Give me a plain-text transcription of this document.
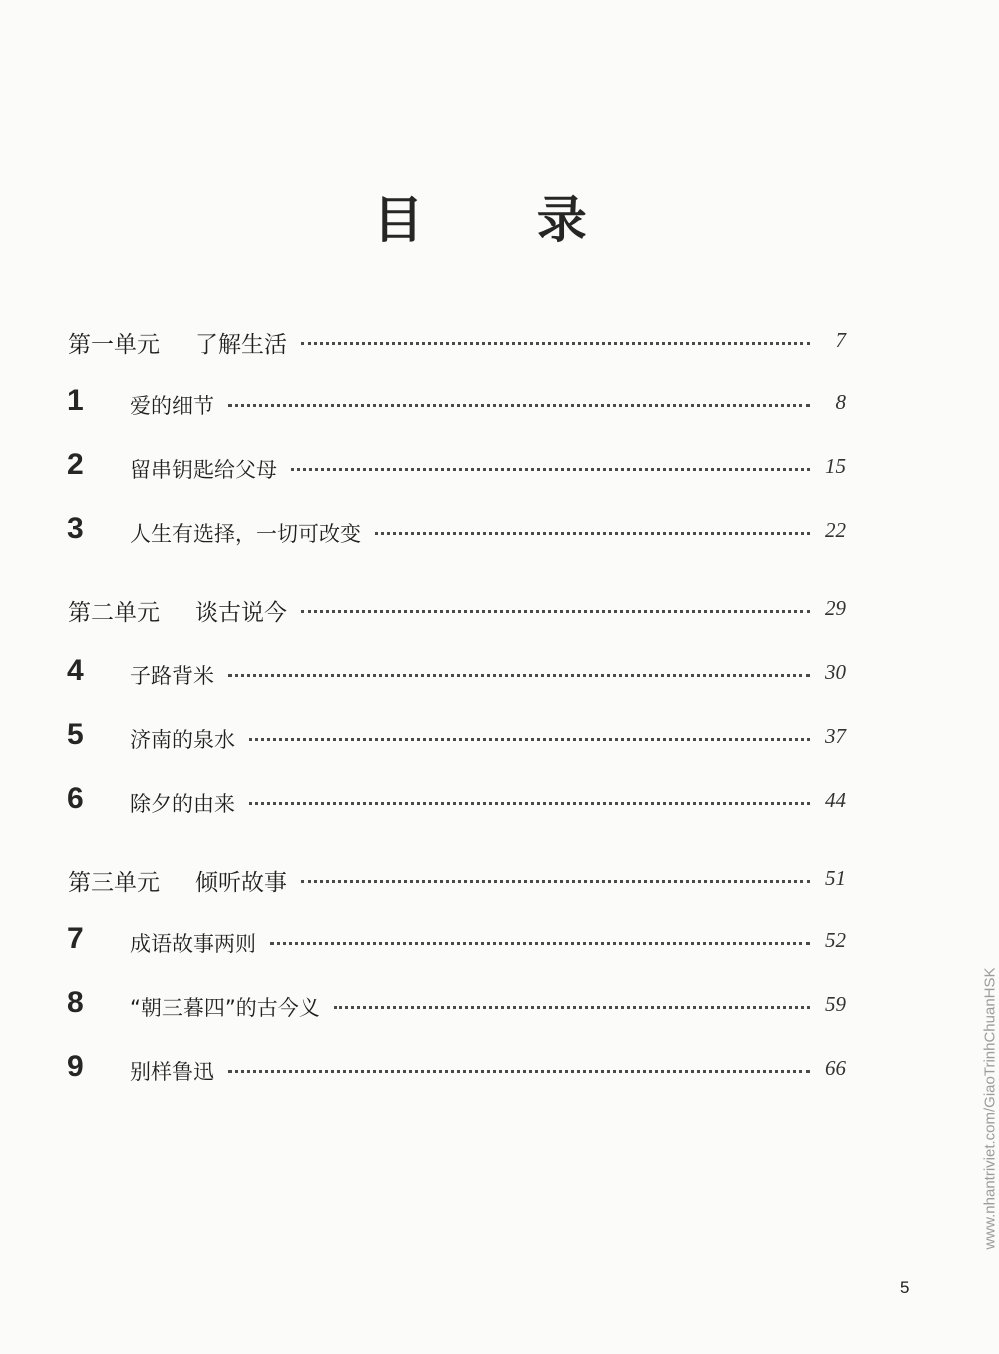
目 录
第一单元 了解生活	7
1 爱的细节	8
2 留串钥匙给父母	15
3 人生有选择，一切可改变	22
第二单元 谈古说今	29
4 子路背米	30
5 济南的泉水	37
6 除夕的由来	44
第三单元 倾听故事	51
7 成语故事两则	52
8 “朝三暮四”的古今义	59
9 别样鲁迅	66	www.nhantriviet.com/GiaoTrinhChuanHSK
5
